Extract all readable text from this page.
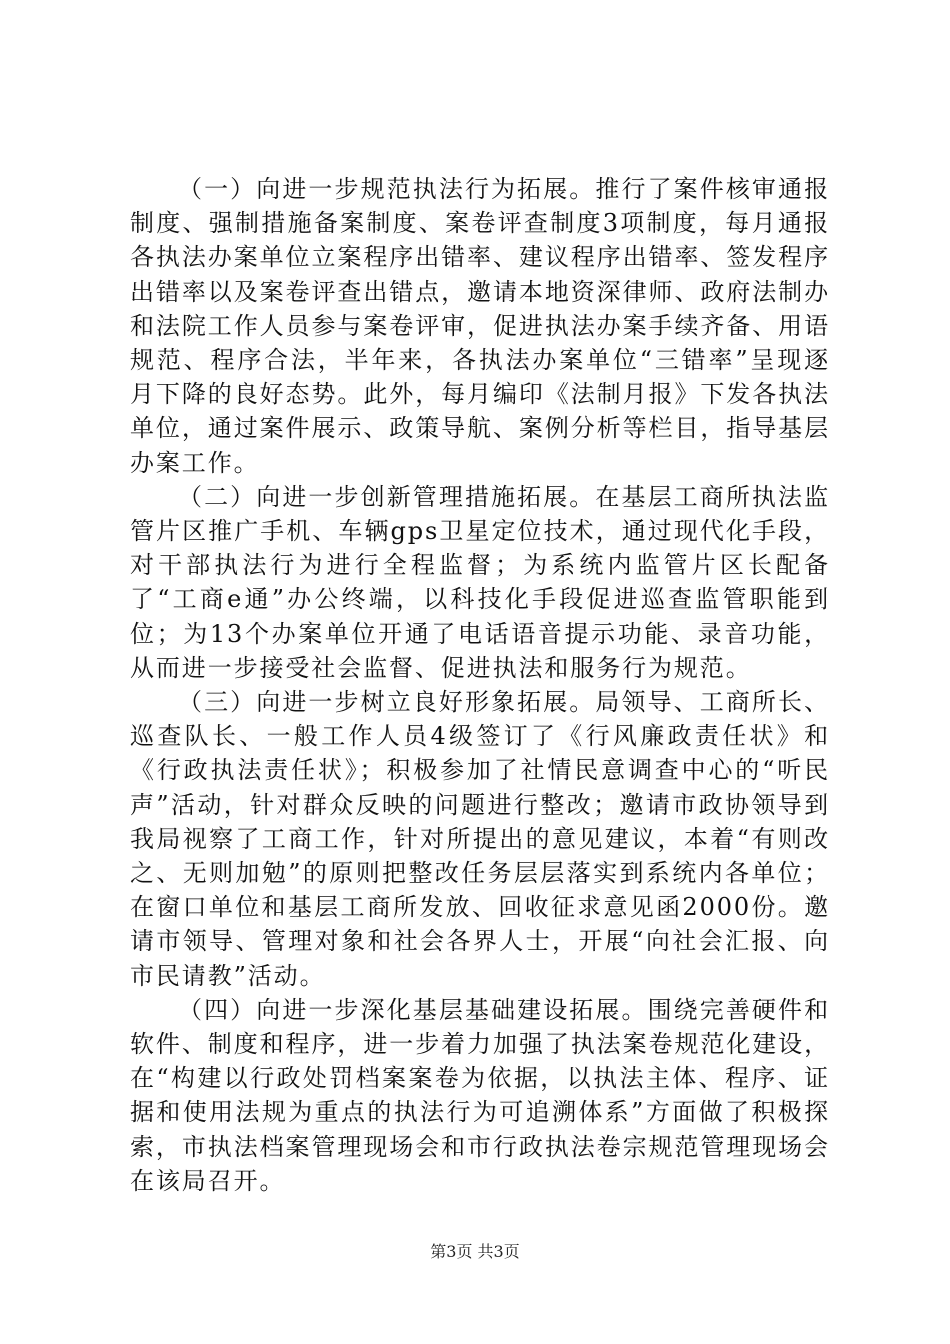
（一）向进一步规范执法行为拓展。推行了案件核审通报制度、强制措施备案制度、案卷评查制度3项制度，每月通报各执法办案单位立案程序出错率、建议程序出错率、签发程序出错率以及案卷评查出错点，邀请本地资深律师、政府法制办和法院工作人员参与案卷评审，促进执法办案手续齐备、用语规范、程序合法，半年来，各执法办案单位“三错率”呈现逐月下降的良好态势。此外，每月编印《法制月报》下发各执法单位，通过案件展示、政策导航、案例分析等栏目，指导基层办案工作。

（二）向进一步创新管理措施拓展。在基层工商所执法监管片区推广手机、车辆gps卫星定位技术，通过现代化手段，对干部执法行为进行全程监督；为系统内监管片区长配备了“工商e通”办公终端，以科技化手段促进巡查监管职能到位；为13个办案单位开通了电话语音提示功能、录音功能，从而进一步接受社会监督、促进执法和服务行为规范。

（三）向进一步树立良好形象拓展。局领导、工商所长、巡查队长、一般工作人员4级签订了《行风廉政责任状》和《行政执法责任状》；积极参加了社情民意调查中心的“听民声”活动，针对群众反映的问题进行整改；邀请市政协领导到我局视察了工商工作，针对所提出的意见建议，本着“有则改之、无则加勉”的原则把整改任务层层落实到系统内各单位；在窗口单位和基层工商所发放、回收征求意见函2000份。邀请市领导、管理对象和社会各界人士，开展“向社会汇报、向市民请教”活动。

（四）向进一步深化基层基础建设拓展。围绕完善硬件和软件、制度和程序，进一步着力加强了执法案卷规范化建设，在“构建以行政处罚档案案卷为依据，以执法主体、程序、证据和使用法规为重点的执法行为可追溯体系”方面做了积极探索，市执法档案管理现场会和市行政执法卷宗规范管理现场会在该局召开。

第3页 共3页
